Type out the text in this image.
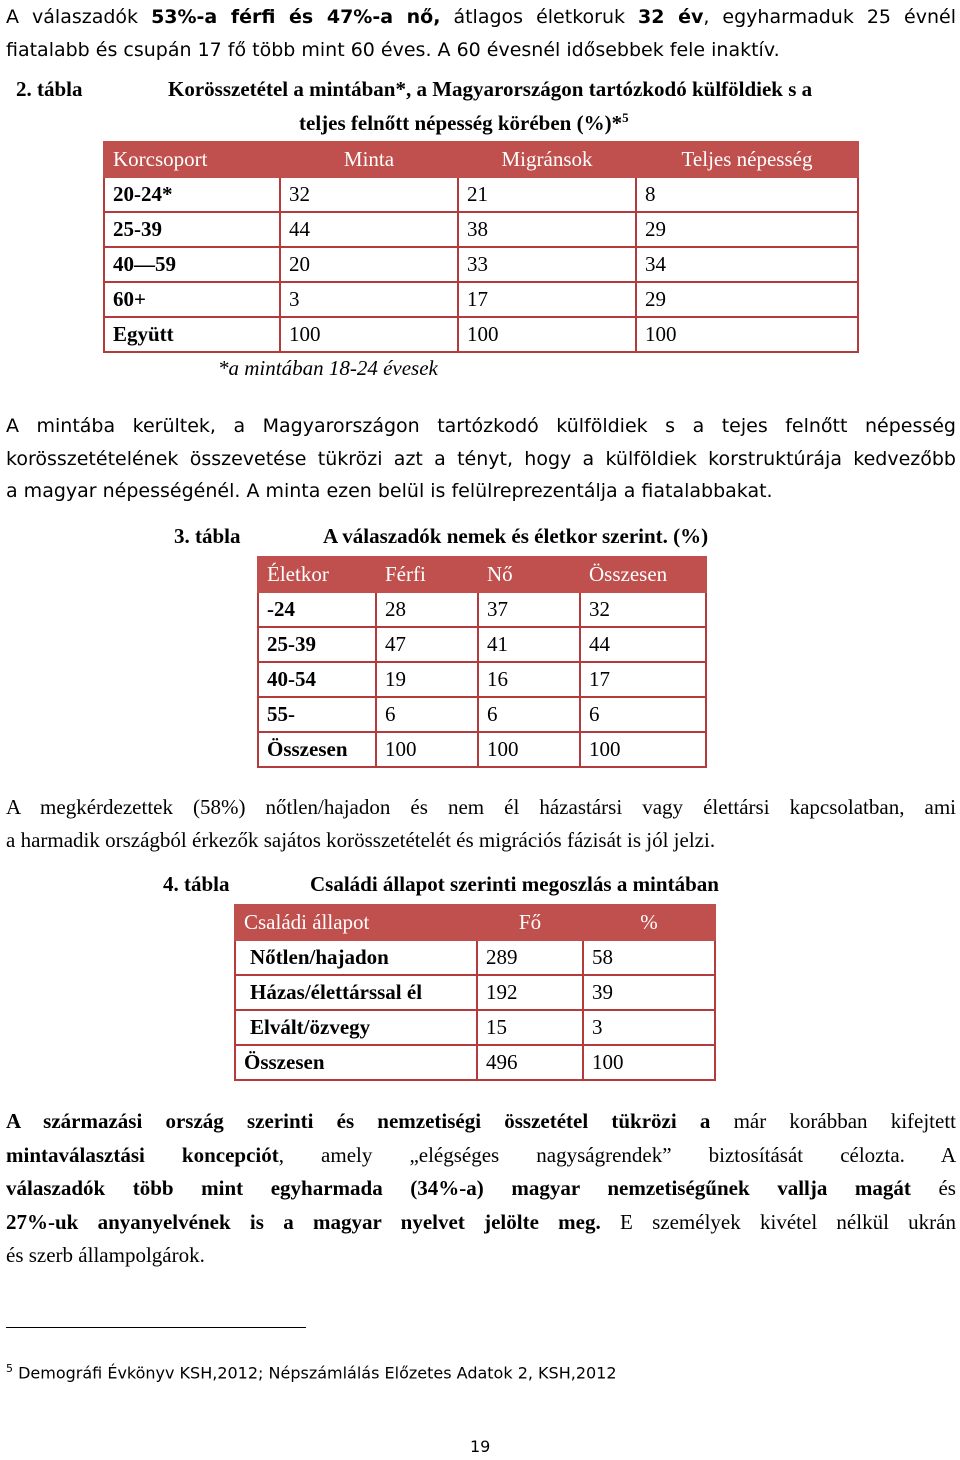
A válaszadók 53%-a férfi és 47%-a nő, átlagos életkoruk 32 év, egyharmaduk 25 évnél
fiatalabb és csupán 17 fő több mint 60 éves. A 60 évesnél idősebbek fele inaktív.
2. tábla	Korösszetétel a mintában*, a Magyarországon tartózkodó külföldiek s a
teljes felnőtt népesség körében (%)*$^5$
Korcsoport	Minta	Migránsok	Teljes népesség
20-24*	32	21	8
25-39	44	38	29
40—59	20	33	34
60+	3	17	29
Együtt	100	100	100
*a mintában 18-24 évesek
A mintába kerültek, a Magyarországon tartózkodó külföldiek s a tejes felnőtt népesség
korösszetételének összevetése tükrözi azt a tényt, hogy a külföldiek korstruktúrája kedvezőbb
a magyar népességénél. A minta ezen belül is felülreprezentálja a fiatalabbakat.
3. tábla	A válaszadók nemek és életkor szerint. (%)
Életkor	Férfi	Nő	Összesen
-24	28	37	32
25-39	47	41	44
40-54	19	16	17
55-	6	6	6
Összesen	100	100	100
A megkérdezettek (58%) nőtlen/hajadon és nem él házastársi vagy élettársi kapcsolatban, ami
a harmadik országból érkezők sajátos korösszetételét és migrációs fázisát is jól jelzi.
4. tábla	Családi állapot szerinti megoszlás a mintában
Családi állapot	Fő	%
Nőtlen/hajadon	289	58
Házas/élettárssal él	192	39
Elvált/özvegy	15	3
Összesen	496	100
A származási ország szerinti és nemzetiségi összetétel tükrözi a már korábban kifejtett
mintaválasztási koncepciót, amely „elégséges nagyságrendek” biztosítását célozta. A
válaszadók több mint egyharmada (34%-a) magyar nemzetiségűnek vallja magát és
27%-uk anyanyelvének is a magyar nyelvet jelölte meg. E személyek kivétel nélkül ukrán
és szerb állampolgárok.
$^5$ Demográfi Évkönyv KSH,2012; Népszámlálás Előzetes Adatok 2, KSH,2012
19
